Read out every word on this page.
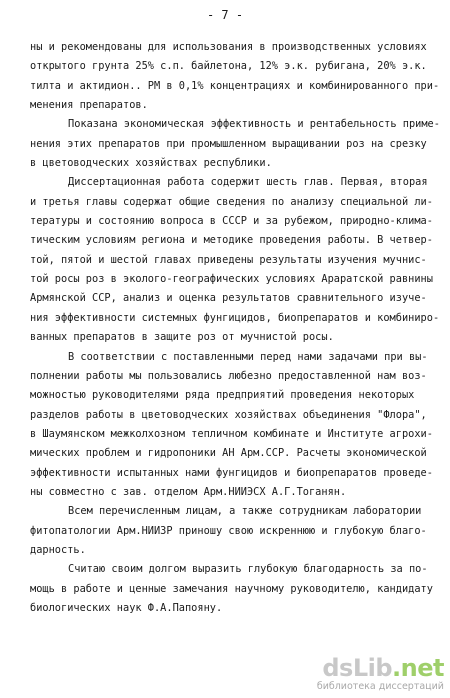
- 7 -
ны и рекомендованы для использования в производственных условиях
открытого грунта 25% с.п. байлетона, 12% э.к. рубигана, 20% э.к.
тилта и актидион.. РМ в 0,1% концентрациях и комбинированного при-
менения препаратов.
Показана экономическая эффективность и рентабельность приме-
нения этих препаратов при промышленном выращивании роз на срезку
в цветоводческих хозяйствах республики.
Диссертационная работа содержит шесть глав. Первая, вторая
и третья главы содержат общие сведения по анализу специальной ли-
тературы и состоянию вопроса в СССР и за рубежом, природно-клима-
тическим условиям региона и методике проведения работы. В четвер-
той, пятой и шестой главах приведены результаты изучения мучнис-
той росы роз в эколого-географических условиях Араратской равнины
Армянской ССР, анализ и оценка результатов сравнительного изуче-
ния эффективности системных фунгицидов, биопрепаратов и комбиниро-
ванных препаратов в защите роз от мучнистой росы.
В соответствии с поставленными перед нами задачами при вы-
полнении работы мы пользовались любезно предоставленной нам воз-
можностью руководителями ряда предприятий проведения некоторых
разделов работы в цветоводческих хозяйствах объединения "Флора",
в Шаумянском межколхозном тепличном комбинате и Институте агрохи-
мических проблем и гидропоники АН Арм.ССР. Расчеты экономической
эффективности испытанных нами фунгицидов и биопрепаратов проведе-
ны совместно с зав. отделом Арм.НИИЭСХ А.Г.Тоганян.
Всем перечисленным лицам, а также сотрудникам лаборатории
фитопатологии Арм.НИИЗР приношу свою искреннюю и глубокую благо-
дарность.
Считаю своим долгом выразить глубокую благодарность за по-
мощь в работе и ценные замечания научному руководителю, кандидату
биологических наук Ф.А.Папояну.
dsLib.net
библиотека диссертаций
